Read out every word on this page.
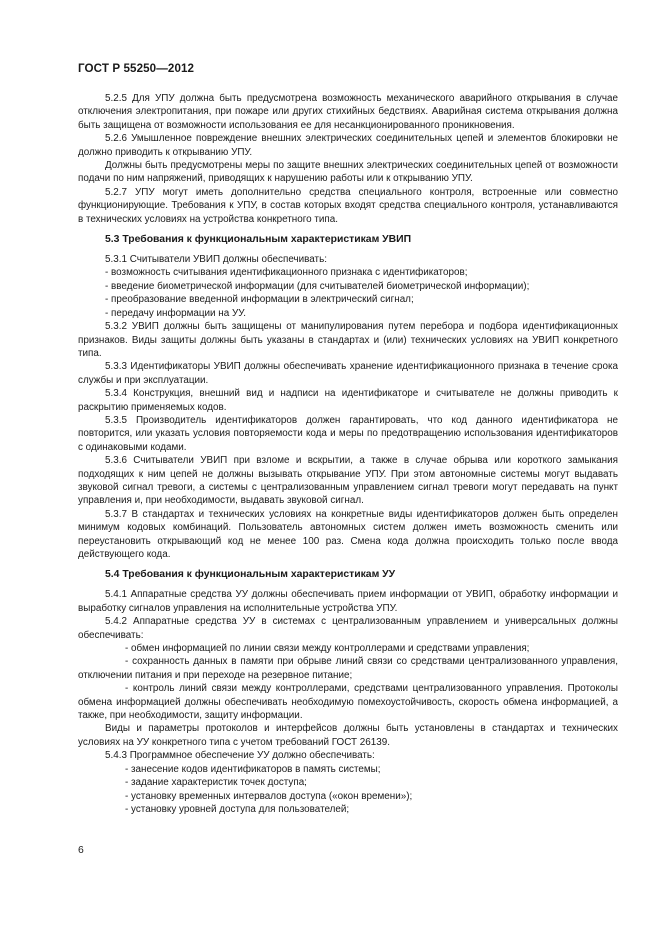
ГОСТ Р 55250—2012

5.2.5 Для УПУ должна быть предусмотрена возможность механического аварийного открывания в случае отключения электропитания, при пожаре или других стихийных бедствиях. Аварийная система открывания должна быть защищена от возможности использования ее для несанкционированного проникновения.

5.2.6 Умышленное повреждение внешних электрических соединительных цепей и элементов блокировки не должно приводить к открыванию УПУ.

Должны быть предусмотрены меры по защите внешних электрических соединительных цепей от возможности подачи по ним напряжений, приводящих к нарушению работы или к открыванию УПУ.

5.2.7 УПУ могут иметь дополнительно средства специального контроля, встроенные или совместно функционирующие. Требования к УПУ, в состав которых входят средства специального контроля, устанавливаются в технических условиях на устройства конкретного типа.

5.3 Требования к функциональным характеристикам УВИП

5.3.1 Считыватели УВИП должны обеспечивать:

- возможность считывания идентификационного признака с идентификаторов;

- введение биометрической информации (для считывателей биометрической информации);

- преобразование введенной информации в электрический сигнал;

- передачу информации на УУ.

5.3.2 УВИП должны быть защищены от манипулирования путем перебора и подбора идентификационных признаков. Виды защиты должны быть указаны в стандартах и (или) технических условиях на УВИП конкретного типа.

5.3.3 Идентификаторы УВИП должны обеспечивать хранение идентификационного признака в течение срока службы и при эксплуатации.

5.3.4 Конструкция, внешний вид и надписи на идентификаторе и считывателе не должны приводить к раскрытию применяемых кодов.

5.3.5 Производитель идентификаторов должен гарантировать, что код данного идентификатора не повторится, или указать условия повторяемости кода и меры по предотвращению использования идентификаторов с одинаковыми кодами.

5.3.6 Считыватели УВИП при взломе и вскрытии, а также в случае обрыва или короткого замыкания подходящих к ним цепей не должны вызывать открывание УПУ. При этом автономные системы могут выдавать звуковой сигнал тревоги, а системы с централизованным управлением сигнал тревоги могут передавать на пункт управления и, при необходимости, выдавать звуковой сигнал.

5.3.7 В стандартах и технических условиях на конкретные виды идентификаторов должен быть определен минимум кодовых комбинаций. Пользователь автономных систем должен иметь возможность сменить или переустановить открывающий код не менее 100 раз. Смена кода должна происходить только после ввода действующего кода.

5.4 Требования к функциональным характеристикам УУ

5.4.1 Аппаратные средства УУ должны обеспечивать прием информации от УВИП, обработку информации и выработку сигналов управления на исполнительные устройства УПУ.

5.4.2 Аппаратные средства УУ в системах с централизованным управлением и универсальных должны обеспечивать:

- обмен информацией по линии связи между контроллерами и средствами управления;

- сохранность данных в памяти при обрыве линий связи со средствами централизованного управления, отключении питания и при переходе на резервное питание;

- контроль линий связи между контроллерами, средствами централизованного управления. Протоколы обмена информацией должны обеспечивать необходимую помехоустойчивость, скорость обмена информацией, а также, при необходимости, защиту информации.

Виды и параметры протоколов и интерфейсов должны быть установлены в стандартах и технических условиях на УУ конкретного типа с учетом требований ГОСТ 26139.

5.4.3 Программное обеспечение УУ должно обеспечивать:

- занесение кодов идентификаторов в память системы;

- задание характеристик точек доступа;

- установку временных интервалов доступа («окон времени»);

- установку уровней доступа для пользователей;

6
